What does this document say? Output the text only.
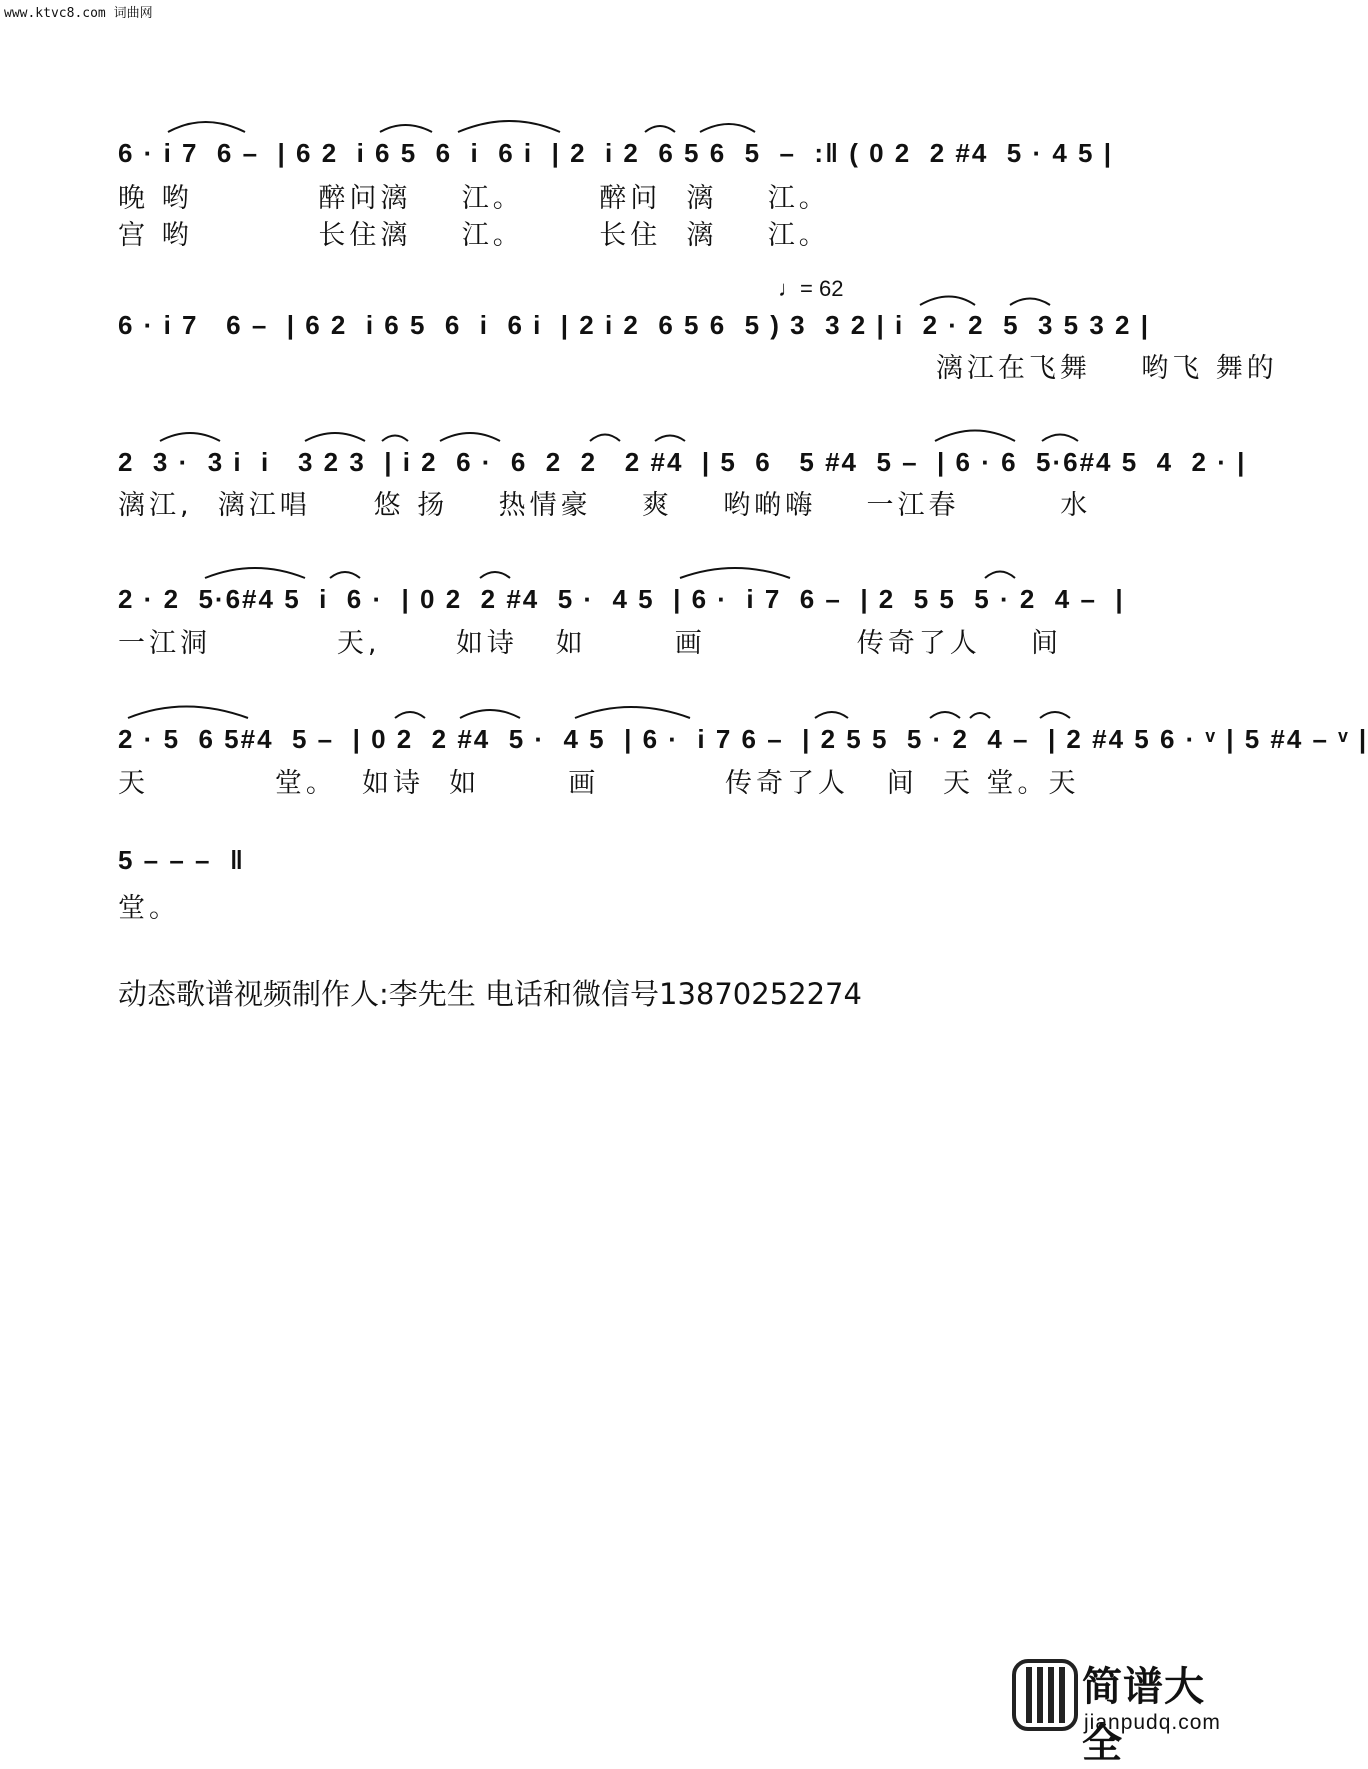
www.ktvc8.com 词曲网
6 · i 7  6 –  | 6 2  i 6 5  6  i  6 i  | 2  i 2  6 5 6  5  –  :‖ ( 0 2  2 #4  5 · 4 5 |
晚 哟          醉问漓    江。      醉问  漓    江。
宫 哟          长住漓    江。      长住  漓    江。
♩= 62
6 · i 7   6 –  | 6 2  i 6 5  6  i  6 i  | 2 i 2  6 5 6  5 ) 3  3 2 | i  2 · 2  5  3 5 3 2 |
漓江在飞舞    哟飞 舞的
2  3 ·  3 i  i   3 2 3  | i 2  6 ·  6  2  2   2 #4  | 5  6   5 #4  5 –  | 6 · 6  5·6#4 5  4  2 · |
漓江,  漓江唱     悠 扬    热情豪    爽    哟啲嗨    一江春        水
2 · 2  5·6#4 5  i  6 ·  | 0 2  2 #4  5 ·  4 5  | 6 ·  i 7  6 –  | 2  5 5  5 · 2  4 –  |
一江洞          天,      如诗   如       画            传奇了人    间
2 · 5  6 5#4  5 –  | 0 2  2 #4  5 ·  4 5  | 6 ·  i 7 6 –  | 2 5 5  5 · 2  4 –  | 2 #4 5 6 · ᵛ | 5 #4 – ᵛ |
天          堂。  如诗  如       画          传奇了人   间  天 堂。天
5 – – –  ‖
堂。
动态歌谱视频制作人:李先生 电话和微信号13870252274
简谱大全
jianpudq.com
